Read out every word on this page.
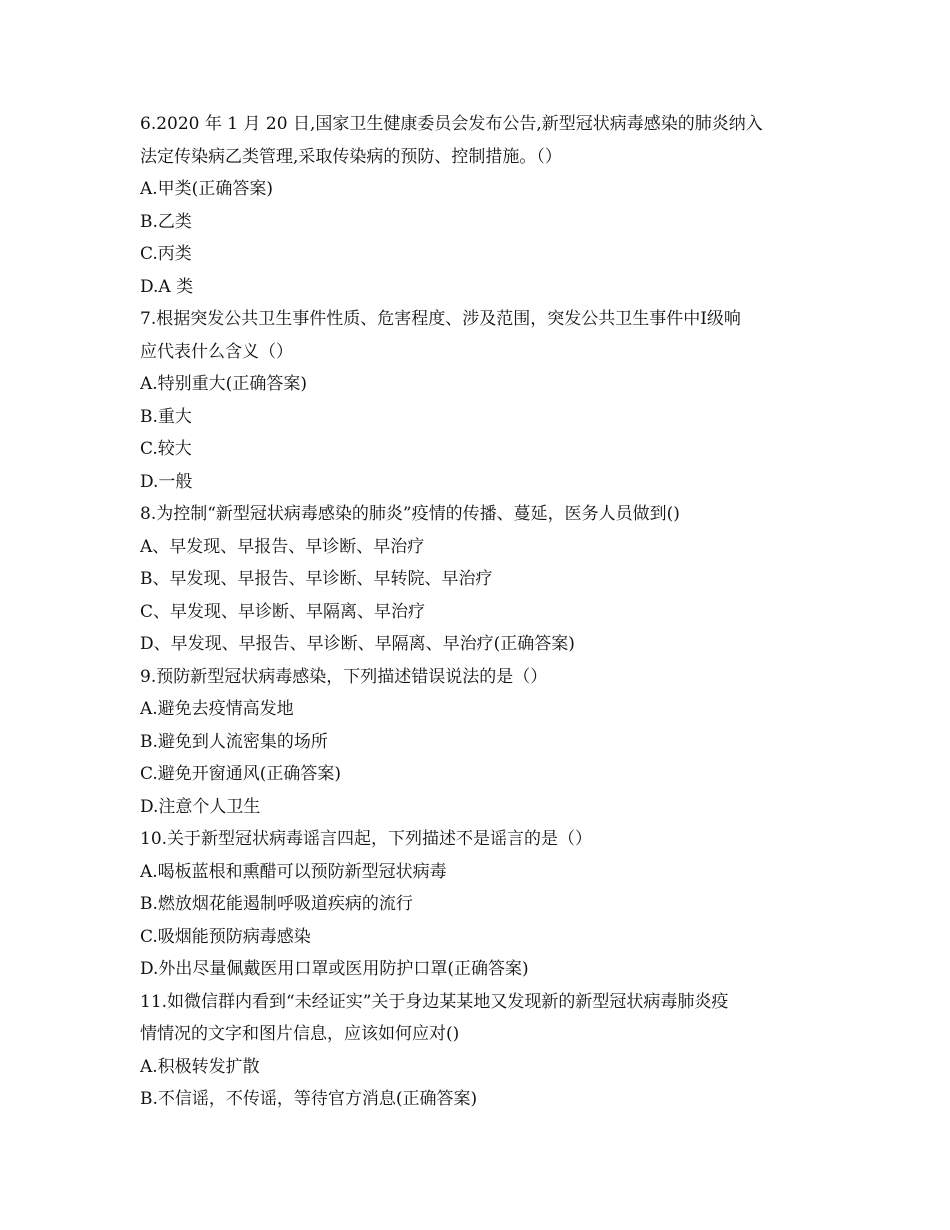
6.2020 年 1 月 20 日,国家卫生健康委员会发布公告,新型冠状病毒感染的肺炎纳入
法定传染病乙类管理,采取传染病的预防、控制措施。（）
A.甲类(正确答案)
B.乙类
C.丙类
D.A 类
7.根据突发公共卫生事件性质、危害程度、涉及范围，突发公共卫生事件中Ⅰ级响
应代表什么含义（）
A.特别重大(正确答案)
B.重大
C.较大
D.一般
8.为控制“新型冠状病毒感染的肺炎”疫情的传播、蔓延，医务人员做到()
A、早发现、早报告、早诊断、早治疗
B、早发现、早报告、早诊断、早转院、早治疗
C、早发现、早诊断、早隔离、早治疗
D、早发现、早报告、早诊断、早隔离、早治疗(正确答案)
9.预防新型冠状病毒感染，下列描述错误说法的是（）
A.避免去疫情高发地
B.避免到人流密集的场所
C.避免开窗通风(正确答案)
D.注意个人卫生
10.关于新型冠状病毒谣言四起，下列描述不是谣言的是（）
A.喝板蓝根和熏醋可以预防新型冠状病毒
B.燃放烟花能遏制呼吸道疾病的流行
C.吸烟能预防病毒感染
D.外出尽量佩戴医用口罩或医用防护口罩(正确答案)
11.如微信群内看到“未经证实”关于身边某某地又发现新的新型冠状病毒肺炎疫
情情况的文字和图片信息，应该如何应对()
A.积极转发扩散
B.不信谣，不传谣，等待官方消息(正确答案)
